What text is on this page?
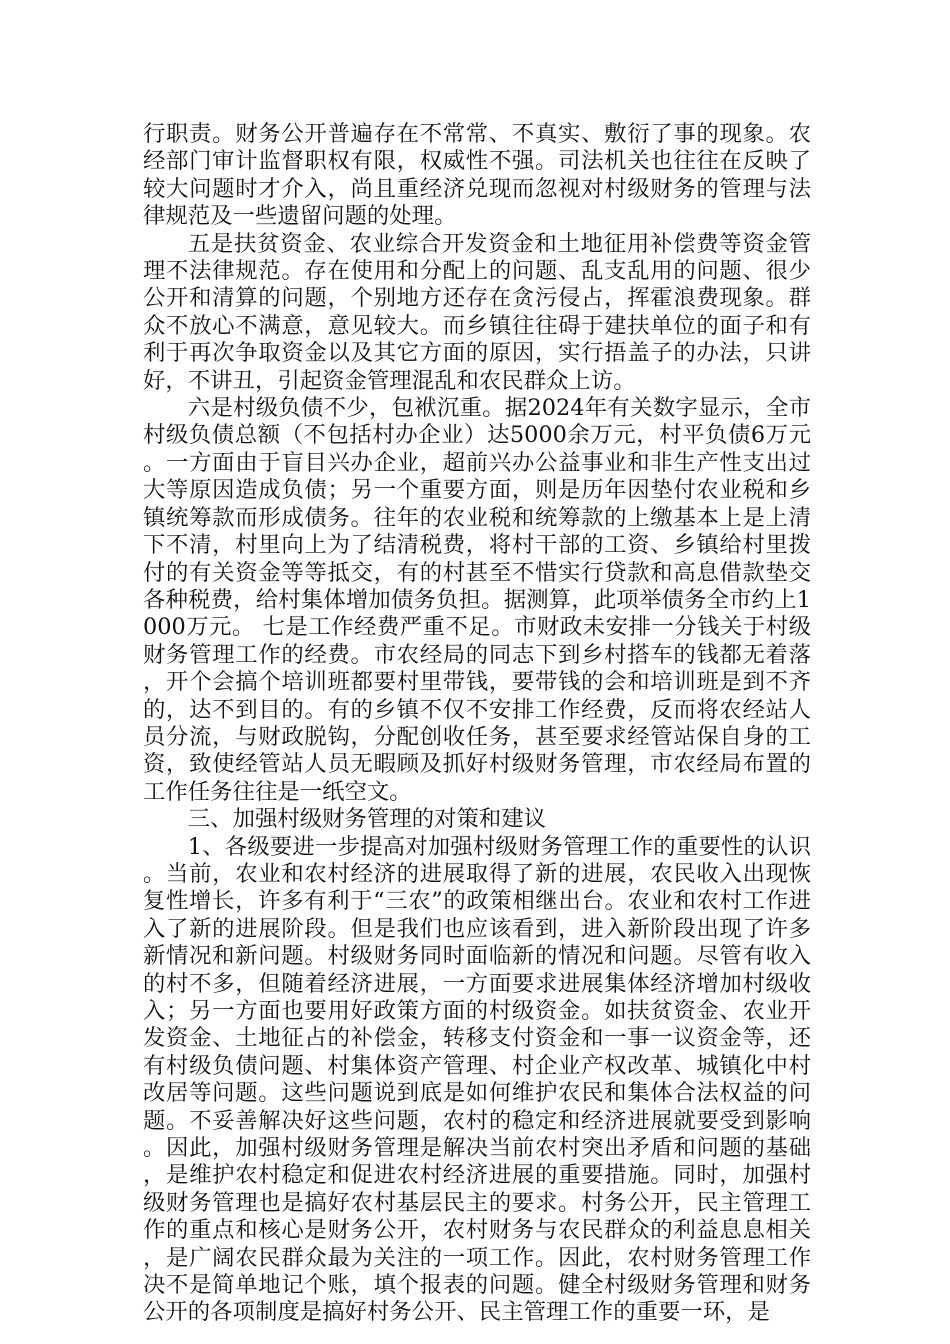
行职责。财务公开普遍存在不常常、不真实、敷衍了事的现象。农经部门审计监督职权有限，权威性不强。司法机关也往往在反映了较大问题时才介入，尚且重经济兑现而忽视对村级财务的管理与法律规范及一些遗留问题的处理。

五是扶贫资金、农业综合开发资金和土地征用补偿费等资金管理不法律规范。存在使用和分配上的问题、乱支乱用的问题、很少公开和清算的问题，个别地方还存在贪污侵占，挥霍浪费现象。群众不放心不满意，意见较大。而乡镇往往碍于建扶单位的面子和有利于再次争取资金以及其它方面的原因，实行捂盖子的办法，只讲好，不讲丑，引起资金管理混乱和农民群众上访。

六是村级负债不少，包袱沉重。据2024年有关数字显示，全市村级负债总额（不包括村办企业）达5000余万元，村平负债6万元。一方面由于盲目兴办企业，超前兴办公益事业和非生产性支出过大等原因造成负债；另一个重要方面，则是历年因垫付农业税和乡镇统筹款而形成债务。往年的农业税和统筹款的上缴基本上是上清下不清，村里向上为了结清税费，将村干部的工资、乡镇给村里拨付的有关资金等等抵交，有的村甚至不惜实行贷款和高息借款垫交各种税费，给村集体增加债务负担。据测算，此项举债务全市约上1000万元。 七是工作经费严重不足。市财政未安排一分钱关于村级财务管理工作的经费。市农经局的同志下到乡村搭车的钱都无着落，开个会搞个培训班都要村里带钱，要带钱的会和培训班是到不齐的，达不到目的。有的乡镇不仅不安排工作经费，反而将农经站人员分流，与财政脱钩，分配创收任务，甚至要求经管站保自身的工资，致使经管站人员无暇顾及抓好村级财务管理，市农经局布置的工作任务往往是一纸空文。

三、加强村级财务管理的对策和建议

1、各级要进一步提高对加强村级财务管理工作的重要性的认识。当前，农业和农村经济的进展取得了新的进展，农民收入出现恢复性增长，许多有利于“三农”的政策相继出台。农业和农村工作进入了新的进展阶段。但是我们也应该看到，进入新阶段出现了许多新情况和新问题。村级财务同时面临新的情况和问题。尽管有收入的村不多，但随着经济进展，一方面要求进展集体经济增加村级收入；另一方面也要用好政策方面的村级资金。如扶贫资金、农业开发资金、土地征占的补偿金，转移支付资金和一事一议资金等，还有村级负债问题、村集体资产管理、村企业产权改革、城镇化中村改居等问题。这些问题说到底是如何维护农民和集体合法权益的问题。不妥善解决好这些问题，农村的稳定和经济进展就要受到影响。因此，加强村级财务管理是解决当前农村突出矛盾和问题的基础，是维护农村稳定和促进农村经济进展的重要措施。同时，加强村级财务管理也是搞好农村基层民主的要求。村务公开，民主管理工作的重点和核心是财务公开，农村财务与农民群众的利益息息相关，是广阔农民群众最为关注的一项工作。因此，农村财务管理工作决不是简单地记个账，填个报表的问题。健全村级财务管理和财务公开的各项制度是搞好村务公开、民主管理工作的重要一环，是
